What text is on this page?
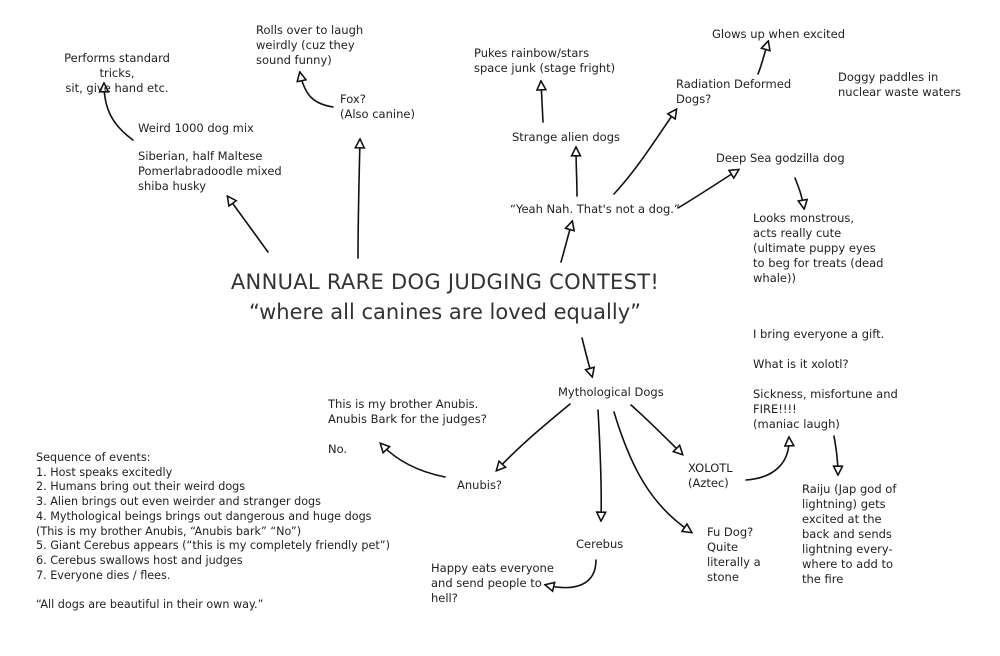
ANNUAL RARE DOG JUDGING CONTEST!
“where all canines are loved equally”
Performs standard tricks,
sit, give hand etc.
Rolls over to laugh
weirdly (cuz they
sound funny)
Fox?
(Also canine)
Weird 1000 dog mix
Siberian, half Maltese
Pomerlabradoodle mixed
shiba husky
Pukes rainbow/stars
space junk (stage fright)
Strange alien dogs
“Yeah Nah. That's not a dog.”
Glows up when excited
Radiation Deformed
Dogs?
Doggy paddles in
nuclear waste waters
Deep Sea godzilla dog
Looks monstrous,
acts really cute
(ultimate puppy eyes
to beg for treats (dead
whale))
I bring everyone a gift.

What is it xolotl?

Sickness, misfortune and
FIRE!!!!
(maniac laugh)
Mythological Dogs
This is my brother Anubis.
Anubis Bark for the judges?

No.
Anubis?
XOLOTL
(Aztec)	Raiju (Jap god of
lightning) gets
excited at the
back and sends
lightning every-
where to add to
the fire
Fu Dog?
Quite
literally a
stone
Cerebus
Happy eats everyone
and send people to
hell?
Sequence of events:
1. Host speaks excitedly
2. Humans bring out their weird dogs
3. Alien brings out even weirder and stranger dogs
4. Mythological beings brings out dangerous and huge dogs
(This is my brother Anubis, “Anubis bark” “No”)
5. Giant Cerebus appears (“this is my completely friendly pet”)
6. Cerebus swallows host and judges
7. Everyone dies / flees.

“All dogs are beautiful in their own way.”
